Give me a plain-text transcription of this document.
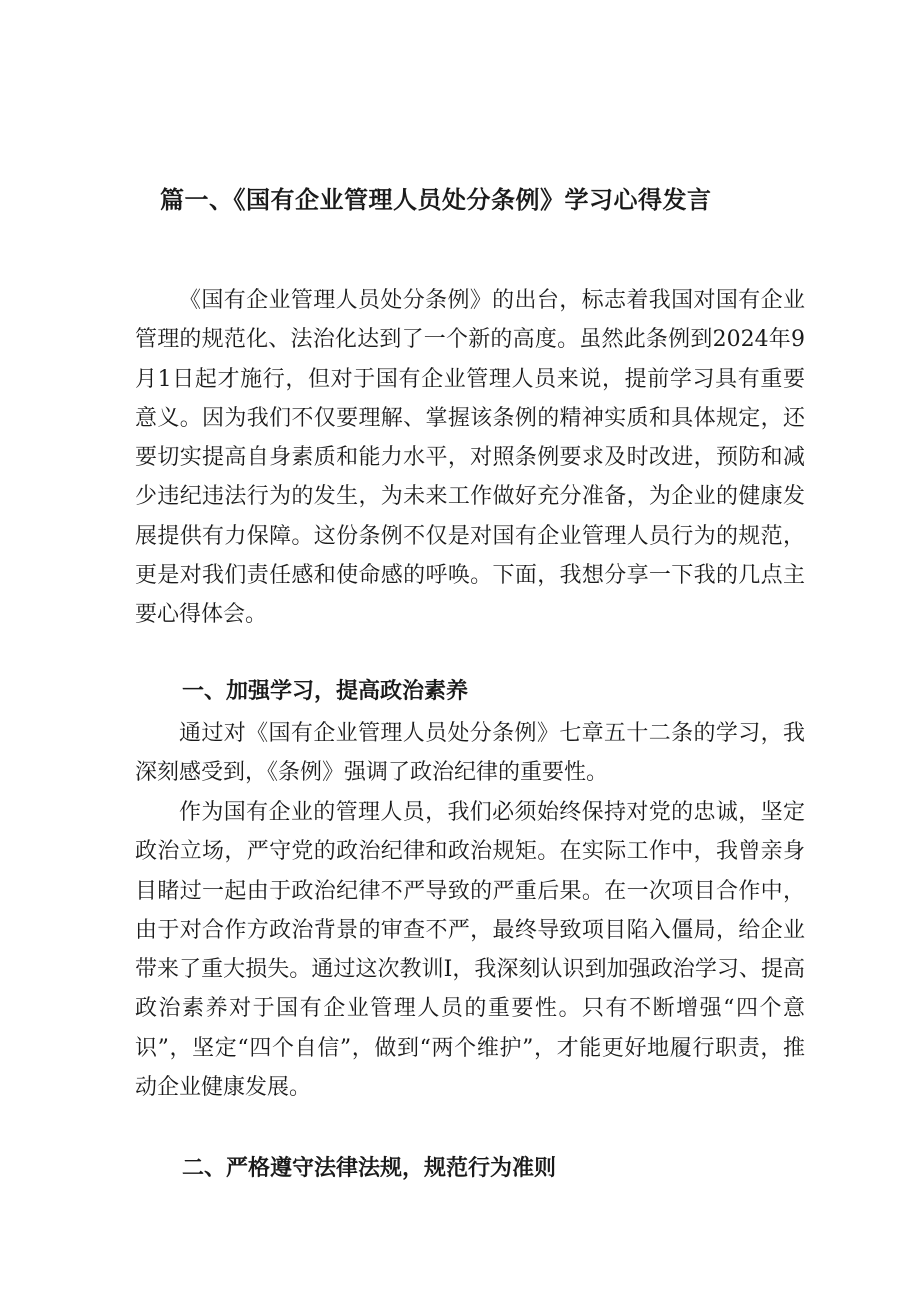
篇一、《国有企业管理人员处分条例》学习心得发言
《国有企业管理人员处分条例》的出台，标志着我国对国有企业管理的规范化、法治化达到了一个新的高度。虽然此条例到2024年9月1日起才施行，但对于国有企业管理人员来说，提前学习具有重要意义。因为我们不仅要理解、掌握该条例的精神实质和具体规定，还要切实提高自身素质和能力水平，对照条例要求及时改进，预防和减少违纪违法行为的发生，为未来工作做好充分准备，为企业的健康发展提供有力保障。这份条例不仅是对国有企业管理人员行为的规范，更是对我们责任感和使命感的呼唤。下面，我想分享一下我的几点主要心得体会。
一、加强学习，提高政治素养
通过对《国有企业管理人员处分条例》七章五十二条的学习，我深刻感受到，《条例》强调了政治纪律的重要性。
作为国有企业的管理人员，我们必须始终保持对党的忠诚，坚定政治立场，严守党的政治纪律和政治规矩。在实际工作中，我曾亲身目睹过一起由于政治纪律不严导致的严重后果。在一次项目合作中，由于对合作方政治背景的审查不严，最终导致项目陷入僵局，给企业带来了重大损失。通过这次教训I，我深刻认识到加强政治学习、提高政治素养对于国有企业管理人员的重要性。只有不断增强“四个意识”，坚定“四个自信”，做到“两个维护”，才能更好地履行职责，推动企业健康发展。
二、严格遵守法律法规，规范行为准则
